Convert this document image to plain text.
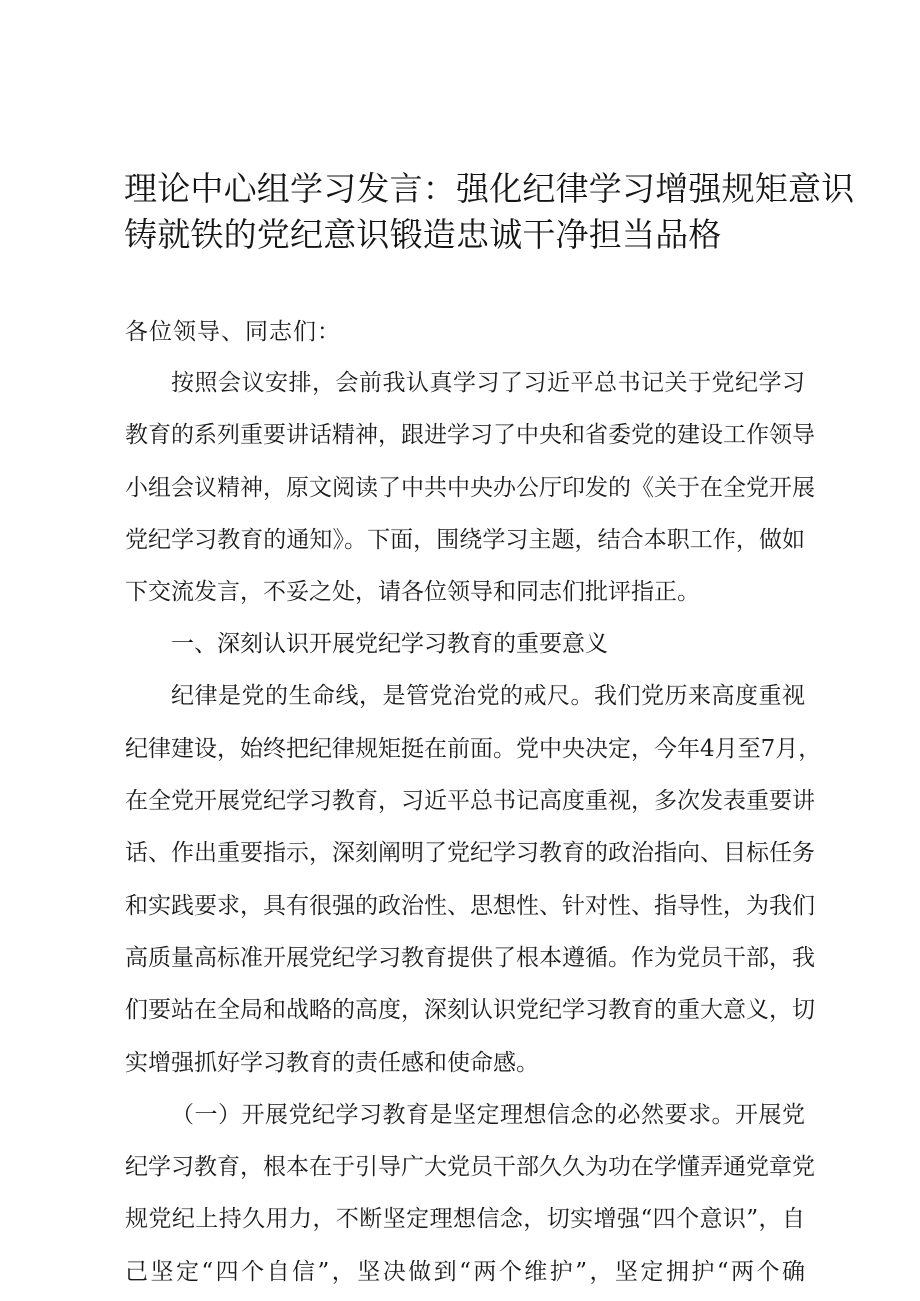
理论中心组学习发言：强化纪律学习增强规矩意识
铸就铁的党纪意识锻造忠诚干净担当品格

各位领导、同志们：

按照会议安排，会前我认真学习了习近平总书记关于党纪学习
教育的系列重要讲话精神，跟进学习了中央和省委党的建设工作领导
小组会议精神，原文阅读了中共中央办公厅印发的《关于在全党开展
党纪学习教育的通知》。下面，围绕学习主题，结合本职工作，做如
下交流发言，不妥之处，请各位领导和同志们批评指正。

一、深刻认识开展党纪学习教育的重要意义

纪律是党的生命线，是管党治党的戒尺。我们党历来高度重视
纪律建设，始终把纪律规矩挺在前面。党中央决定，今年4月至7月，
在全党开展党纪学习教育，习近平总书记高度重视，多次发表重要讲
话、作出重要指示，深刻阐明了党纪学习教育的政治指向、目标任务
和实践要求，具有很强的政治性、思想性、针对性、指导性，为我们
高质量高标准开展党纪学习教育提供了根本遵循。作为党员干部，我
们要站在全局和战略的高度，深刻认识党纪学习教育的重大意义，切
实增强抓好学习教育的责任感和使命感。

（一）开展党纪学习教育是坚定理想信念的必然要求。开展党
纪学习教育，根本在于引导广大党员干部久久为功在学懂弄通党章党
规党纪上持久用力，不断坚定理想信念，切实增强“四个意识”，自
己坚定“四个自信”，坚决做到“两个维护”，坚定拥护“两个确
